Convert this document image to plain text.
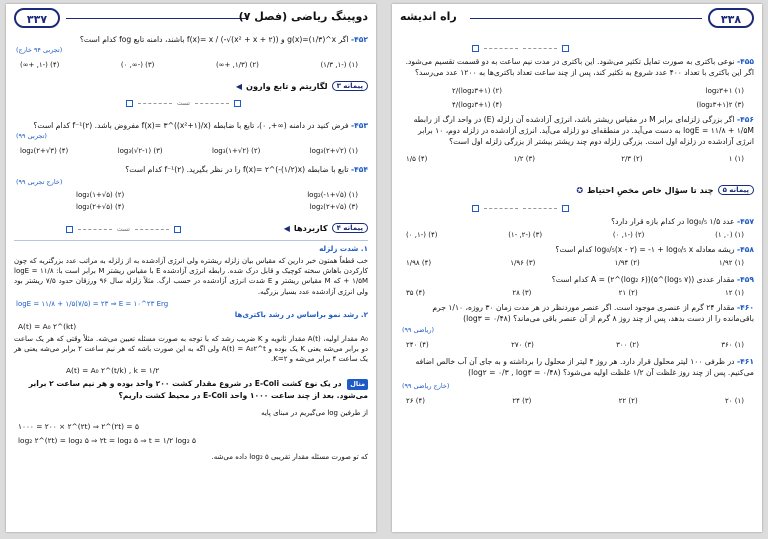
۳۳۷	دوپینگ ریاضی (فصل ۷)
۴۵۲- اگر g(x)=(۱/۳)^x و f(x)= x / (-√(x² + x + ۲)) باشند، دامنه تابع fog کدام است؟
(تجربی ۹۴ خارج)
(۱) (-۱, ۱/۳)
(۲) (۱/۳, +∞)
(۳) (-∞, ۰)
(۴) (-۱, +∞)
پیمانه ۳
لگاریتم و تابع وارون
◀
تست
۴۵۳- فرض کنید در دامنه (∞+, ۰)، تابع با ضابطه f(x)= ۳^((x²+۱)/x) مفروض باشد. f⁻¹(۲) کدام است؟
(تجربی ۹۹)
(۱) log₃(۲+√۲)
(۲) log₃(۱+√۲)
(۳) log₃(√۲-۱)
(۴) log₂(۲+√۳)
۴۵۴- تابع با ضابطه f(x)= ۲^(-(۱/۲)x) را در نظر بگیرید. f⁻¹(۲) کدام است؟
(خارج تجربی ۹۹)
(۱) log₂(-۱+√۵)
(۲) log₂(۱+√۵)
(۳) log₂(۲+√۵)
(۴) log₂(۲+√۵)
پیمانه ۴
کاربردها
◀
تست
۱. شدت زلزله
خب قطعاً همتون خبر دارین که مقیاس بیان زلزله ریشتره ولی انرژی آزادشده به از زلزله به مراتب عدد بزرگتریه که چون کارکردن باهاش سخته کوچیک و قابل درک شده. رابطه انرژی آزادشده E با مقیاس ریشتر M برابر است با: logE = ۱۱/۸ + ۱/۵M که M مقیاس ریشتر و E شدت انرژی آزادشده در حسب ارگ. مثلاً زلزله سال ۹۶ ورزقان حدود ۷/۵ ریشتر بود ولی انرژی آزادشده عدد بسیار بزرگیه.
logE = ۱۱/۸ + ۱/۵(۷/۵) = ۲۳ ⇒ E = ۱۰^۲۳ Erg
۲. رشد نمو براساس در رشد باکتری‌ها
A(t) = A₀ ۲^(kt)
A₀ مقدار اولیه، A(t) مقدار ثانویه و K ضریب رشد که با توجه به صورت مسئله تعیین می‌شه. مثلاً وقتی که هر یک ساعت دو برابر می‌شه یعنی K یک بوده و A(t) = A₀۲^t ولی اگه به این صورت باشه که هر نیم ساعت ۲ برابر می‌شه یعنی هر یک ساعت ۴ برابر می‌شه و K=۲.
A(t) = A₀ ۲^(t/k) , k = ۱/۲
مثال در یک نوع کشت E-Coli در شروع مقدار کشت ۲۰۰ واحد بوده و هر نیم ساعت ۲ برابر می‌شود. بعد از چند ساعت ۱۰۰۰ واحد E-Coli در محیط کشت داریم؟
از طرفین log می‌گیریم در مبنای پایه
۱۰۰۰ = ۲۰۰ × ۲^(۲t) ⇒ ۲^(۲t) = ۵
log₂ ۲^(۲t) = log₂ ۵ ⇒ ۲t = log₂ ۵ ⇒ t = ۱/۲ log₂ ۵
که تو صورت مسئله مقدار تقریبی log₂ ۵ داده می‌شه.
راه اندیشه	۳۳۸
۴۵۵- نوعی باکتری به صورت تمایل تکثیر می‌شود. این باکتری در مدت نیم ساعت به دو قسمت تقسیم می‌شود. اگر این باکتری با تعداد ۴۰۰ عدد شروع به تکثیر کند، پس از چند ساعت تعداد باکتری‌ها به ۱۲۰۰ عدد می‌رسد؟
(۱) ۱+log₂۳
(۲) (۱+log₂۳)/۲
(۳) ۲(۱+log₂۳)
(۴) (۱+log₂۳)/۴
۴۵۶- اگر بزرگی زلزله‌ای برابر M در مقیاس ریشتر باشد، انرژی آزادشده آن زلزله (E) در واحد ارگ از رابطه logE = ۱۱/۸ + ۱/۵M به دست می‌آید. در منطقه‌ای دو زلزله می‌آید. انرژی آزادشده در زلزله دوم، ۱۰ برابر انرژی آزادشده در زلزله اول است. بزرگی زلزله دوم چند ریشتر بیشتر از بزرگی زلزله اول است؟
(۱) ۱
(۲) ۲/۳
(۳) ۱/۲
(۴) ۱/۵
پیمانه ۵
چند تا سؤال خاص مخصِ احتیاط
✪
۴۵۷- عدد log₀/₅ ۱/۵ در کدام بازه قرار دارد؟
(۱) (۰, ۱)
(۲) (-۱, ۰)
(۳) (-۲, -۱)
(۴) (-۱, ۰)
۴۵۸- ریشه معادله log₀/₅(x - ۲) = -۱ + log₀/₅ x کدام است؟
(۱) ۱/۹۲
(۲) ۱/۹۴
(۳) ۱/۹۶
(۴) ۱/۹۸
۴۵۹- مقدار عددی A = (۲^(log₂ ۶))(۵^(log₅ ۷)) کدام است؟
(۱) ۱۲
(۲) ۲۱
(۳) ۲۸
(۴) ۳۵
۴۶۰- مقدار ۲۴ گرم از عنصری موجود است. اگر عنصر موردنظر در هر مدت زمان ۳۰ روزه، ۱/۱۰ جرم باقی‌مانده را از دست بدهد، پس از چند روز ۸ گرم از آن عنصر باقی می‌ماند؟ (log۳ = ۰/۴۸)
(ریاضی ۹۹)
(۱) ۳۶۰
(۲) ۳۰۰
(۳) ۲۷۰
(۴) ۲۴۰
۴۶۱- در ظرفی ۱۰۰ لیتر محلول قرار دارد. هر روز ۴ لیتر از محلول را برداشته و به جای آن آب خالص اضافه می‌کنیم. پس از چند روز غلظت آن ۱/۲ غلظت اولیه می‌شود؟ (log۲ = ۰/۳ , log۳ = ۰/۴۸)
(خارج ریاضی ۹۹)
(۱) ۲۰
(۲) ۲۲
(۳) ۲۴
(۴) ۲۶
